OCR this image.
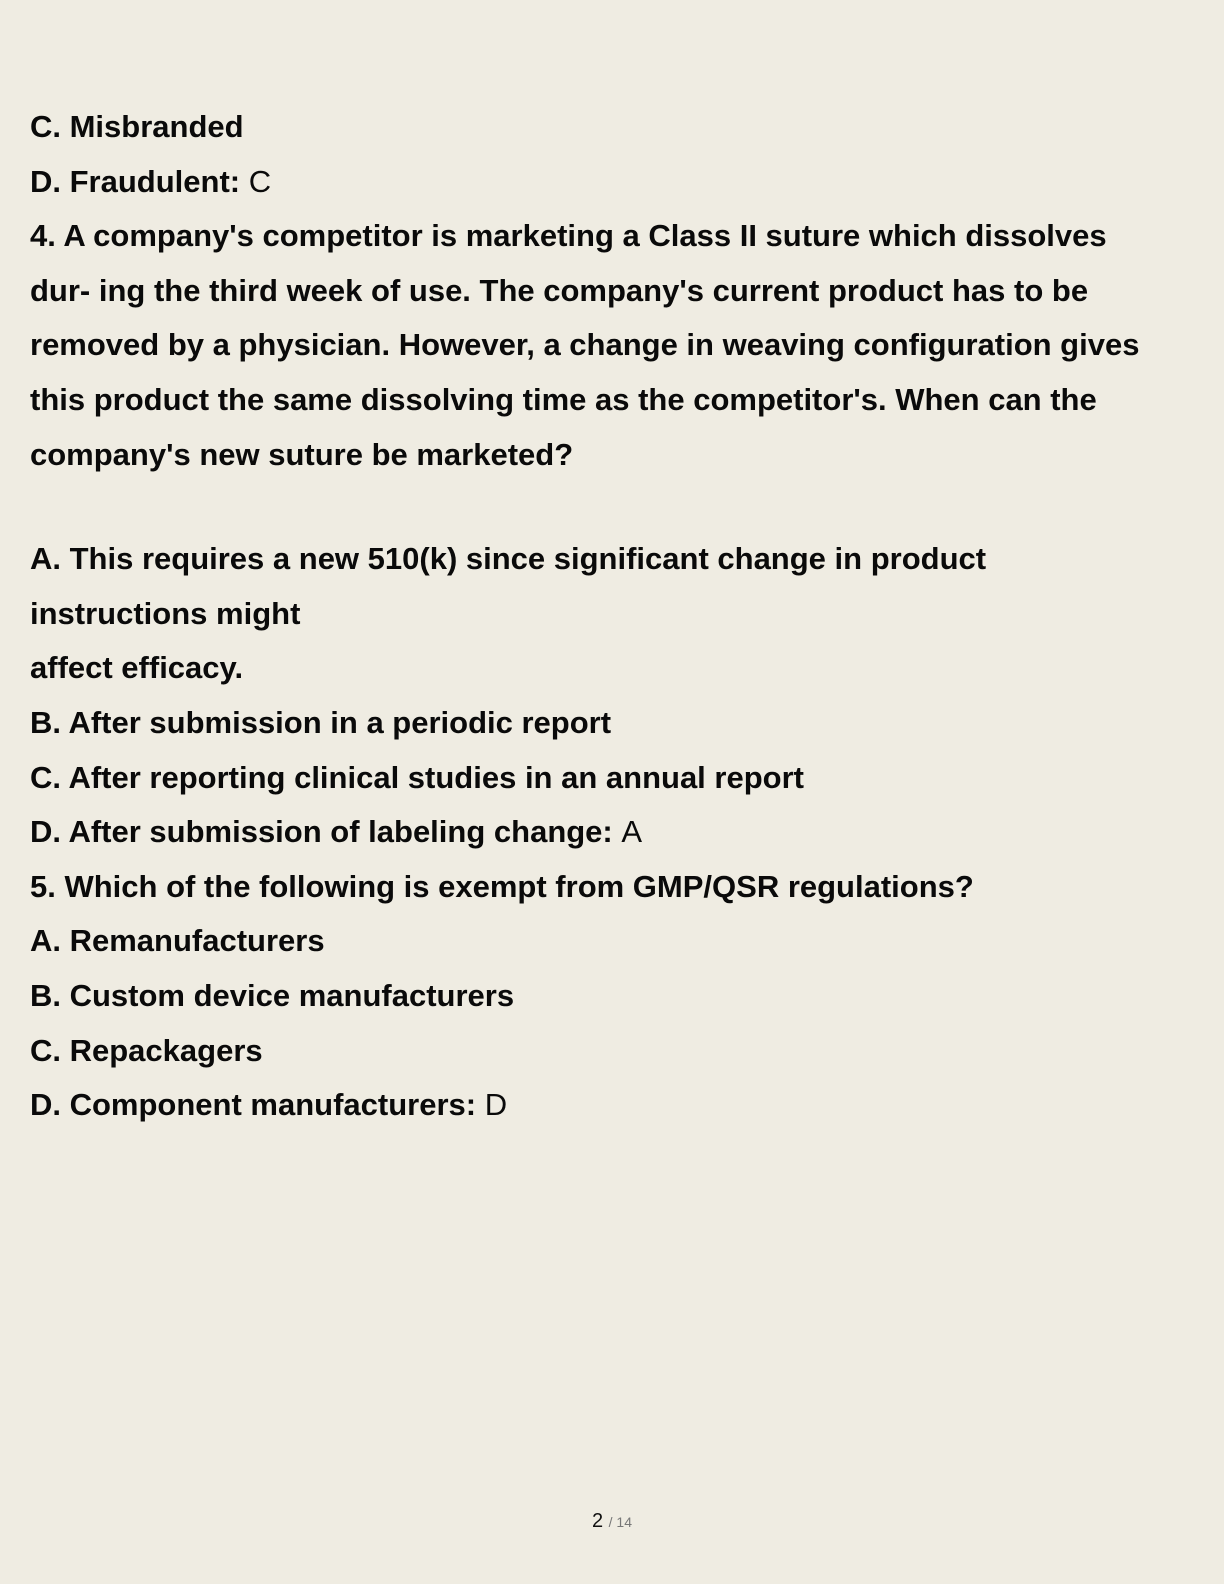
C. Misbranded
D. Fraudulent: C
4. A company's competitor is marketing a Class II suture which dissolves
dur- ing the third week of use. The company's current product has to be
removed by a physician. However, a change in weaving configuration gives
this product the same dissolving time as the competitor's. When can the
company's new suture be marketed?
A. This requires a new 510(k) since significant change in product
instructions might
affect efficacy.
B. After submission in a periodic report
C. After reporting clinical studies in an annual report
D. After submission of labeling change: A
5. Which of the following is exempt from GMP/QSR regulations?
A. Remanufacturers
B. Custom device manufacturers
C. Repackagers
D. Component manufacturers: D
2 / 14
